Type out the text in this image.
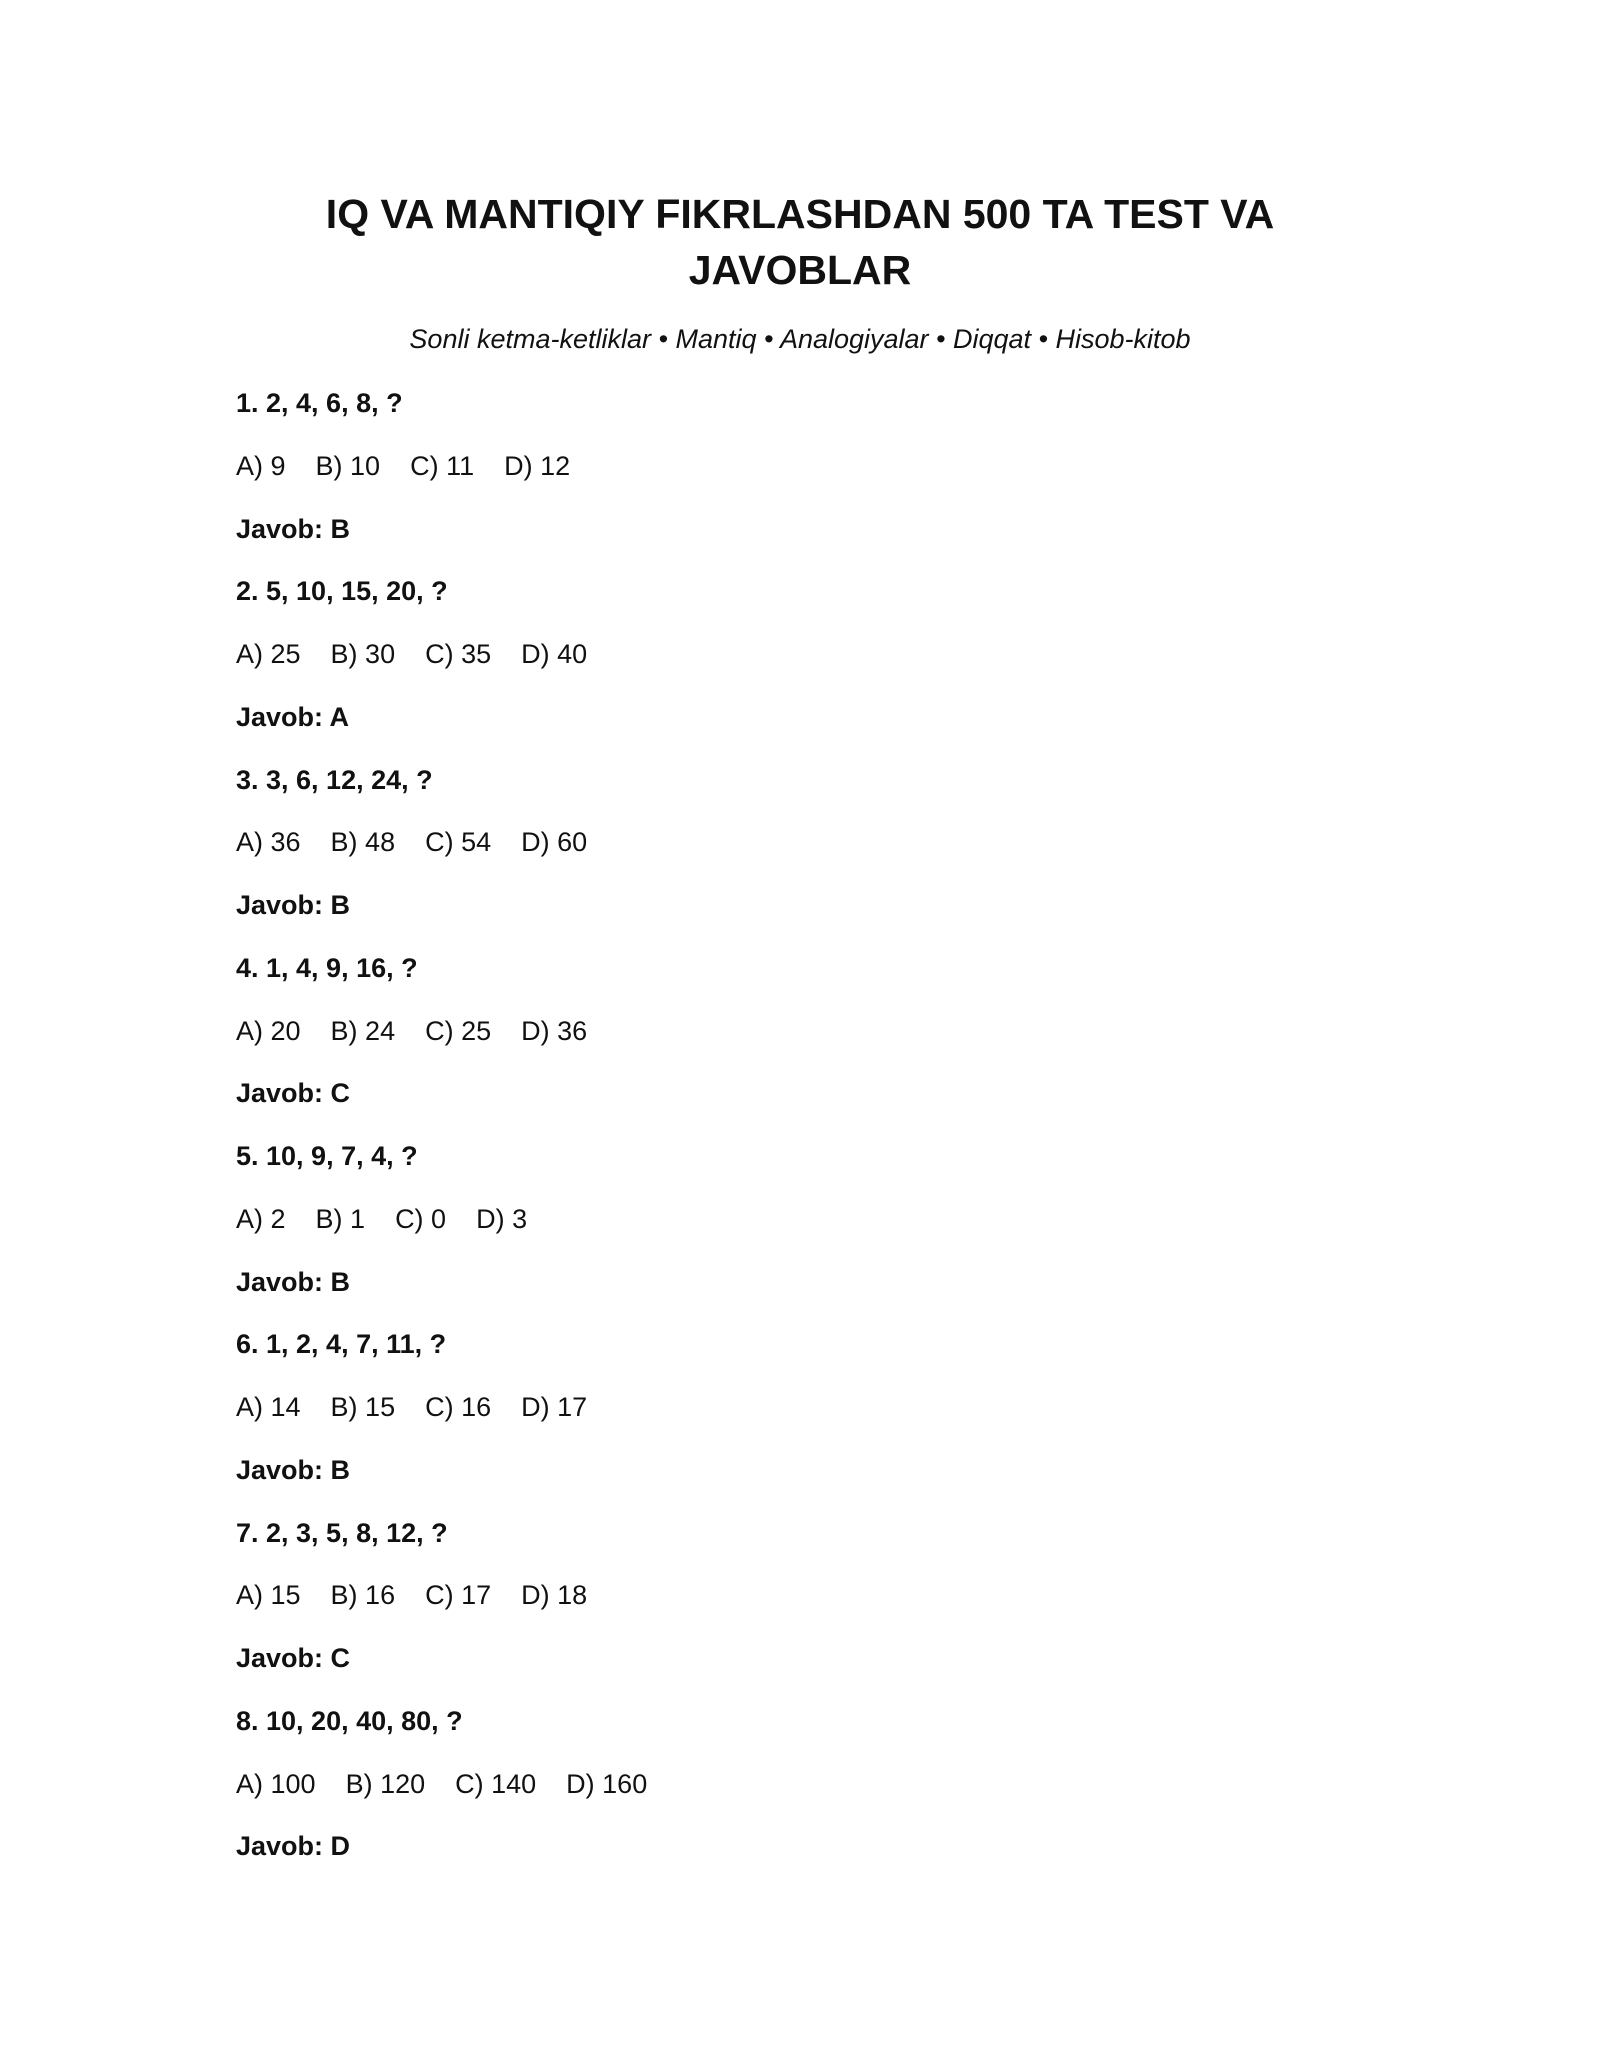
IQ VA MANTIQIY FIKRLASHDAN 500 TA TEST VA
JAVOBLAR

Sonli ketma-ketliklar • Mantiq • Analogiyalar • Diqqat • Hisob-kitob

1. 2, 4, 6, 8, ?
A) 9 B) 10 C) 11 D) 12
Javob: B
2. 5, 10, 15, 20, ?
A) 25 B) 30 C) 35 D) 40
Javob: A
3. 3, 6, 12, 24, ?
A) 36 B) 48 C) 54 D) 60
Javob: B
4. 1, 4, 9, 16, ?
A) 20 B) 24 C) 25 D) 36
Javob: C
5. 10, 9, 7, 4, ?
A) 2 B) 1 C) 0 D) 3
Javob: B
6. 1, 2, 4, 7, 11, ?
A) 14 B) 15 C) 16 D) 17
Javob: B
7. 2, 3, 5, 8, 12, ?
A) 15 B) 16 C) 17 D) 18
Javob: C
8. 10, 20, 40, 80, ?
A) 100 B) 120 C) 140 D) 160
Javob: D
